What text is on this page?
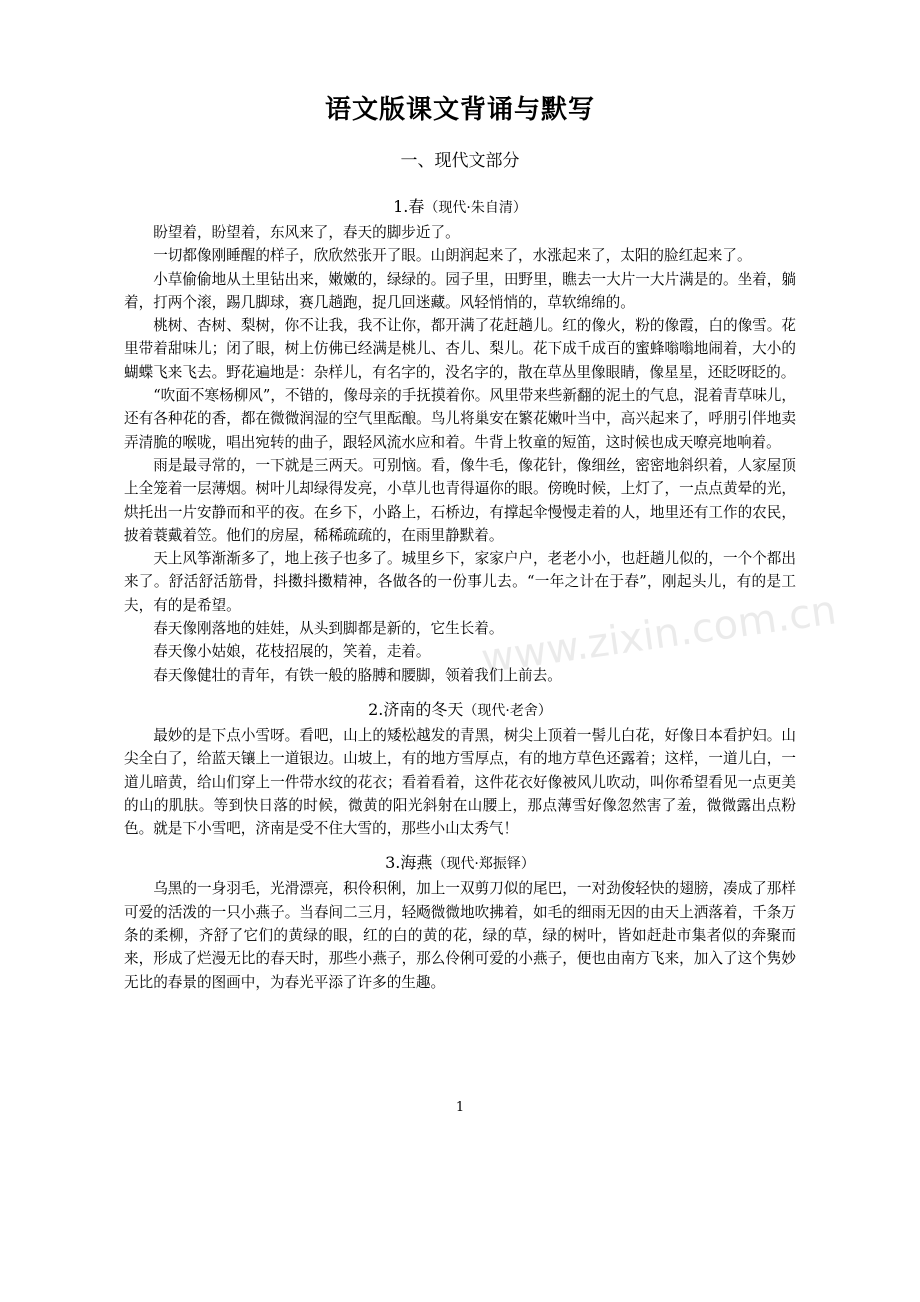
语文版课文背诵与默写
一、现代文部分
1.春（现代·朱自清）

盼望着，盼望着，东风来了，春天的脚步近了。

一切都像刚睡醒的样子，欣欣然张开了眼。山朗润起来了，水涨起来了，太阳的脸红起来了。

小草偷偷地从土里钻出来，嫩嫩的，绿绿的。园子里，田野里，瞧去一大片一大片满是的。坐着，躺着，打两个滚，踢几脚球，赛几趟跑，捉几回迷藏。风轻悄悄的，草软绵绵的。

桃树、杏树、梨树，你不让我，我不让你，都开满了花赶趟儿。红的像火，粉的像霞，白的像雪。花里带着甜味儿；闭了眼，树上仿佛已经满是桃儿、杏儿、梨儿。花下成千成百的蜜蜂嗡嗡地闹着，大小的蝴蝶飞来飞去。野花遍地是：杂样儿，有名字的，没名字的，散在草丛里像眼睛，像星星，还眨呀眨的。

“吹面不寒杨柳风”，不错的，像母亲的手抚摸着你。风里带来些新翻的泥土的气息，混着青草味儿，还有各种花的香，都在微微润湿的空气里酝酿。鸟儿将巢安在繁花嫩叶当中，高兴起来了，呼朋引伴地卖弄清脆的喉咙，唱出宛转的曲子，跟轻风流水应和着。牛背上牧童的短笛，这时候也成天嘹亮地响着。

雨是最寻常的，一下就是三两天。可别恼。看，像牛毛，像花针，像细丝，密密地斜织着，人家屋顶上全笼着一层薄烟。树叶儿却绿得发亮，小草儿也青得逼你的眼。傍晚时候，上灯了，一点点黄晕的光，烘托出一片安静而和平的夜。在乡下，小路上，石桥边，有撑起伞慢慢走着的人，地里还有工作的农民，披着蓑戴着笠。他们的房屋，稀稀疏疏的，在雨里静默着。

天上风筝渐渐多了，地上孩子也多了。城里乡下，家家户户，老老小小，也赶趟儿似的，一个个都出来了。舒活舒活筋骨，抖擞抖擞精神，各做各的一份事儿去。“一年之计在于春”，刚起头儿，有的是工夫，有的是希望。

春天像刚落地的娃娃，从头到脚都是新的，它生长着。

春天像小姑娘，花枝招展的，笑着，走着。

春天像健壮的青年，有铁一般的胳膊和腰脚，领着我们上前去。

2.济南的冬天（现代·老舍）

最妙的是下点小雪呀。看吧，山上的矮松越发的青黑，树尖上顶着一髻儿白花，好像日本看护妇。山尖全白了，给蓝天镶上一道银边。山坡上，有的地方雪厚点，有的地方草色还露着；这样，一道儿白，一道儿暗黄，给山们穿上一件带水纹的花衣；看着看着，这件花衣好像被风儿吹动，叫你希望看见一点更美的山的肌肤。等到快日落的时候，微黄的阳光斜射在山腰上，那点薄雪好像忽然害了羞，微微露出点粉色。就是下小雪吧，济南是受不住大雪的，那些小山太秀气！

3.海燕（现代·郑振铎）

乌黑的一身羽毛，光滑漂亮，积伶积俐，加上一双剪刀似的尾巴，一对劲俊轻快的翅膀，凑成了那样可爱的活泼的一只小燕子。当春间二三月，轻飏微微地吹拂着，如毛的细雨无因的由天上洒落着，千条万条的柔柳，齐舒了它们的黄绿的眼，红的白的黄的花，绿的草，绿的树叶，皆如赶赴市集者似的奔聚而来，形成了烂漫无比的春天时，那些小燕子，那么伶俐可爱的小燕子，便也由南方飞来，加入了这个隽妙无比的春景的图画中，为春光平添了许多的生趣。

www.zixin.com.cn
1
